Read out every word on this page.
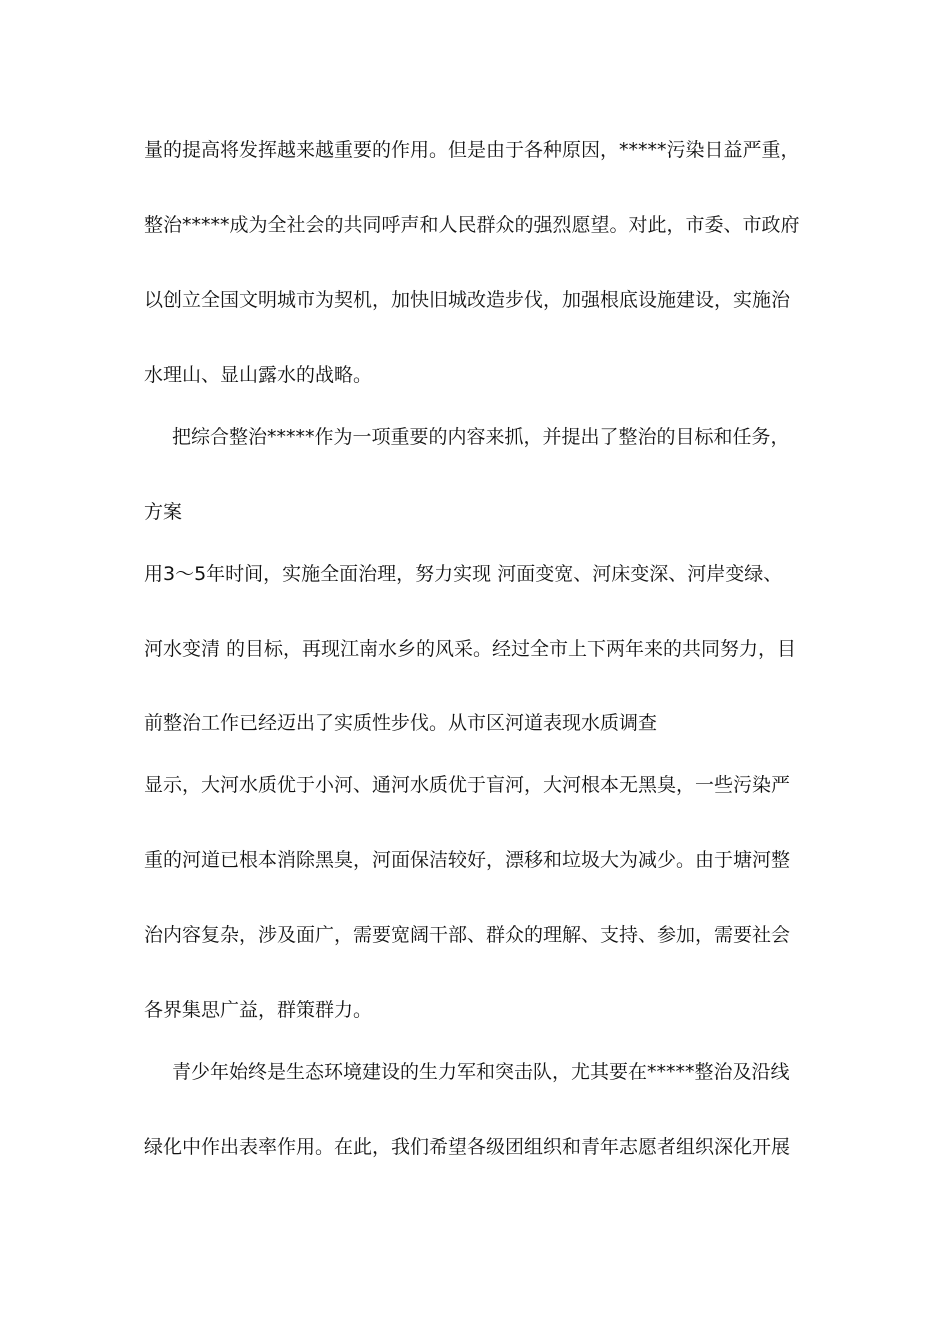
量的提高将发挥越来越重要的作用。但是由于各种原因，*****污染日益严重，
整治*****成为全社会的共同呼声和人民群众的强烈愿望。对此，市委、市政府
以创立全国文明城市为契机，加快旧城改造步伐，加强根底设施建设，实施治
水理山、显山露水的战略。
把综合整治*****作为一项重要的内容来抓，并提出了整治的目标和任务，
方案
用3～5年时间，实施全面治理，努力实现 河面变宽、河床变深、河岸变绿、
河水变清 的目标，再现江南水乡的风采。经过全市上下两年来的共同努力，目
前整治工作已经迈出了实质性步伐。从市区河道表现水质调查
显示，大河水质优于小河、通河水质优于盲河，大河根本无黑臭，一些污染严
重的河道已根本消除黑臭，河面保洁较好，漂移和垃圾大为减少。由于塘河整
治内容复杂，涉及面广，需要宽阔干部、群众的理解、支持、参加，需要社会
各界集思广益，群策群力。
青少年始终是生态环境建设的生力军和突击队，尤其要在*****整治及沿线
绿化中作出表率作用。在此，我们希望各级团组织和青年志愿者组织深化开展
